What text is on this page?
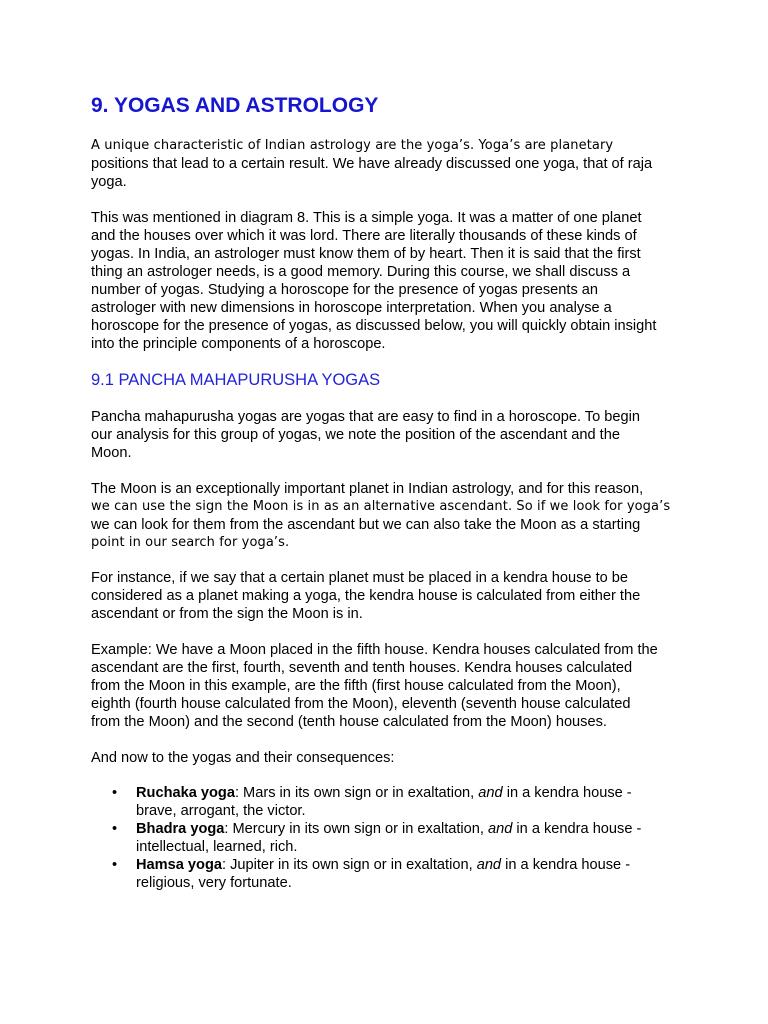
9. YOGAS AND ASTROLOGY
A unique characteristic of Indian astrology are the yoga’s. Yoga’s are planetary
positions that lead to a certain result. We have already discussed one yoga, that of raja
yoga.
This was mentioned in diagram 8. This is a simple yoga. It was a matter of one planet
and the houses over which it was lord. There are literally thousands of these kinds of
yogas. In India, an astrologer must know them of by heart. Then it is said that the first
thing an astrologer needs, is a good memory. During this course, we shall discuss a
number of yogas. Studying a horoscope for the presence of yogas presents an
astrologer with new dimensions in horoscope interpretation. When you analyse a
horoscope for the presence of yogas, as discussed below, you will quickly obtain insight
into the principle components of a horoscope.
9.1 PANCHA MAHAPURUSHA YOGAS
Pancha mahapurusha yogas are yogas that are easy to find in a horoscope. To begin
our analysis for this group of yogas, we note the position of the ascendant and the
Moon.
The Moon is an exceptionally important planet in Indian astrology, and for this reason,
we can use the sign the Moon is in as an alternative ascendant. So if we look for yoga’s
we can look for them from the ascendant but we can also take the Moon as a starting
point in our search for yoga’s.
For instance, if we say that a certain planet must be placed in a kendra house to be
considered as a planet making a yoga, the kendra house is calculated from either the
ascendant or from the sign the Moon is in.
Example: We have a Moon placed in the fifth house. Kendra houses calculated from the
ascendant are the first, fourth, seventh and tenth houses. Kendra houses calculated
from the Moon in this example, are the fifth (first house calculated from the Moon),
eighth (fourth house calculated from the Moon), eleventh (seventh house calculated
from the Moon) and the second (tenth house calculated from the Moon) houses.
And now to the yogas and their consequences:
• Ruchaka yoga: Mars in its own sign or in exaltation, and in a kendra house -
brave, arrogant, the victor.
• Bhadra yoga: Mercury in its own sign or in exaltation, and in a kendra house -
intellectual, learned, rich.
• Hamsa yoga: Jupiter in its own sign or in exaltation, and in a kendra house -
religious, very fortunate.
